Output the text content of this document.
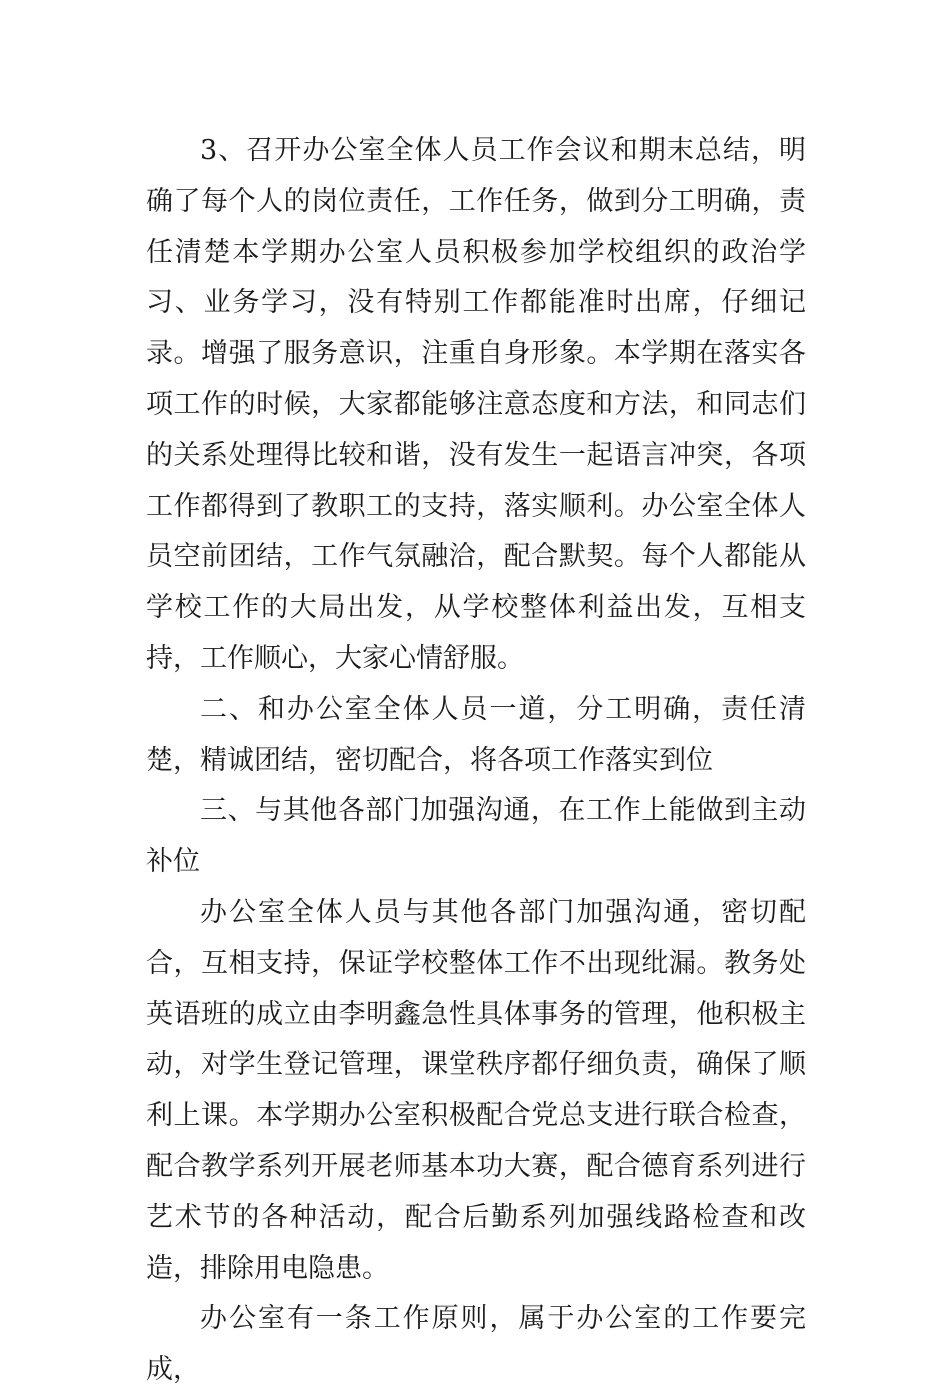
3、召开办公室全体人员工作会议和期末总结，明确了每个人的岗位责任，工作任务，做到分工明确，责任清楚本学期办公室人员积极参加学校组织的政治学习、业务学习，没有特别工作都能准时出席，仔细记录。增强了服务意识，注重自身形象。本学期在落实各项工作的时候，大家都能够注意态度和方法，和同志们的关系处理得比较和谐，没有发生一起语言冲突，各项工作都得到了教职工的支持，落实顺利。办公室全体人员空前团结，工作气氛融洽，配合默契。每个人都能从学校工作的大局出发，从学校整体利益出发，互相支持，工作顺心，大家心情舒服。

二、和办公室全体人员一道，分工明确，责任清楚，精诚团结，密切配合，将各项工作落实到位

三、与其他各部门加强沟通，在工作上能做到主动补位

办公室全体人员与其他各部门加强沟通，密切配合，互相支持，保证学校整体工作不出现纰漏。教务处英语班的成立由李明鑫急性具体事务的管理，他积极主动，对学生登记管理，课堂秩序都仔细负责，确保了顺利上课。本学期办公室积极配合党总支进行联合检查，配合教学系列开展老师基本功大赛，配合德育系列进行艺术节的各种活动，配合后勤系列加强线路检查和改造，排除用电隐患。

办公室有一条工作原则，属于办公室的工作要完成，
